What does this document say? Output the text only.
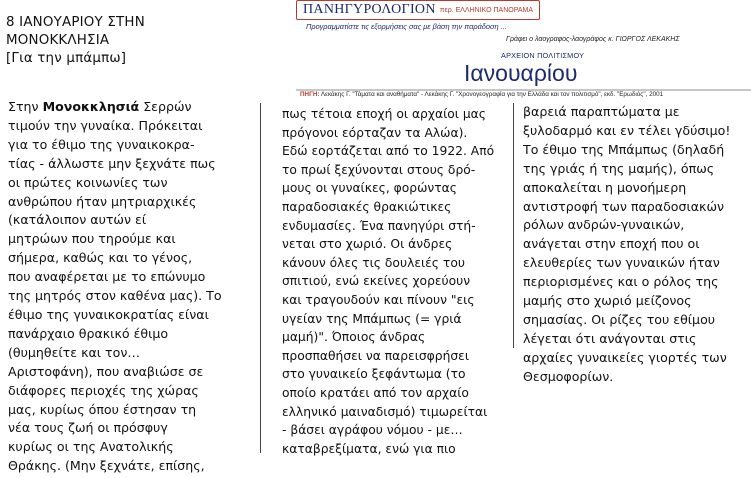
8 ΙΑΝΟΥΑΡΙΟΥ ΣΤΗΝ
ΜΟΝΟΚΚΛΗΣΙΑ
[Για την μπάμπω]
Στην Μονοκκλησιά Σερρών
τιμούν την γυναίκα. Πρόκειται
για το έθιμο της γυναικοκρα-
τίας - άλλωστε μην ξεχνάτε πως
οι πρώτες κοινωνίες των
ανθρώπου ήταν μητριαρχικές
(κατάλοιπον αυτών εί
μητρώων που τηρούμε και
σήμερα, καθώς και το γένος,
που αναφέρεται με το επώνυμο
της μητρός στον καθένα μας). Το
έθιμο της γυναικοκρατίας είναι
πανάρχαιο θρακικό έθιμο
(θυμηθείτε και τον…
Αριστοφάνη), που αναβιώσε σε
διάφορες περιοχές της χώρας
μας, κυρίως όπου έστησαν τη
νέα τους ζωή οι πρόσφυγ
κυρίως οι της Ανατολικής
Θράκης. (Μην ξεχνάτε, επίσης,
ΠΑΝΗΓΥΡΟΛΟΓΙΟΝ περ. ΕΛΛΗΝΙΚΟ ΠΑΝΟΡΑΜΑ
Προγραμματίστε τις εξορμήσεις σας με βάση την παράδοση ...
Γράφει ο λαογραφος-λαογράφος κ. ΓΙΩΡΓΟΣ ΛΕΚΑΚΗΣ
ΑΡΧΕΙΟΝ ΠΟΛΙΤΙΣΜΟΥ
Ιανουαρίου
ΠΗΓΗ: Λεκάκης Γ. "Τάματα και αναθήματα" - Λεκάκης Γ. "Χρονογεογραφία για την Ελλάδα και τον πολιτισμό", εκδ. "Ερωδιός", 2001
πως τέτοια εποχή οι αρχαίοι μας
πρόγονοι εόρταζαν τα Αλώα).
Εδώ εορτάζεται από το 1922. Από
το πρωί ξεχύνονται στους δρό-
μους οι γυναίκες, φορώντας
παραδοσιακές θρακιώτικες
ενδυμασίες. Ένα πανηγύρι στή-
νεται στο χωριό. Οι άνδρες
κάνουν όλες τις δουλειές του
σπιτιού, ενώ εκείνες χορεύουν
και τραγουδούν και πίνουν "εις
υγείαν της Μπάμπως (= γριά
μαμή)". Όποιος άνδρας
προσπαθήσει να παρεισφρήσει
στο γυναικείο ξεφάντωμα (το
οποίο κρατάει από τον αρχαίο
ελληνικό μαιναδισμό) τιμωρείται
- βάσει αγράφου νόμου - με…
καταβρεξίματα, ενώ για πιο
βαρειά παραπτώματα με
ξυλοδαρμό και εν τέλει γδύσιμο!
Το έθιμο της Μπάμπως (δηλαδή
της γριάς ή της μαμής), όπως
αποκαλείται η μονοήμερη
αντιστροφή των παραδοσιακών
ρόλων ανδρών-γυναικών,
ανάγεται στην εποχή που οι
ελευθερίες των γυναικών ήταν
περιορισμένες και ο ρόλος της
μαμής στο χωριό μείζονος
σημασίας. Οι ρίζες του εθίμου
λέγεται ότι ανάγονται στις
αρχαίες γυναικείες γιορτές των
Θεσμοφορίων.
